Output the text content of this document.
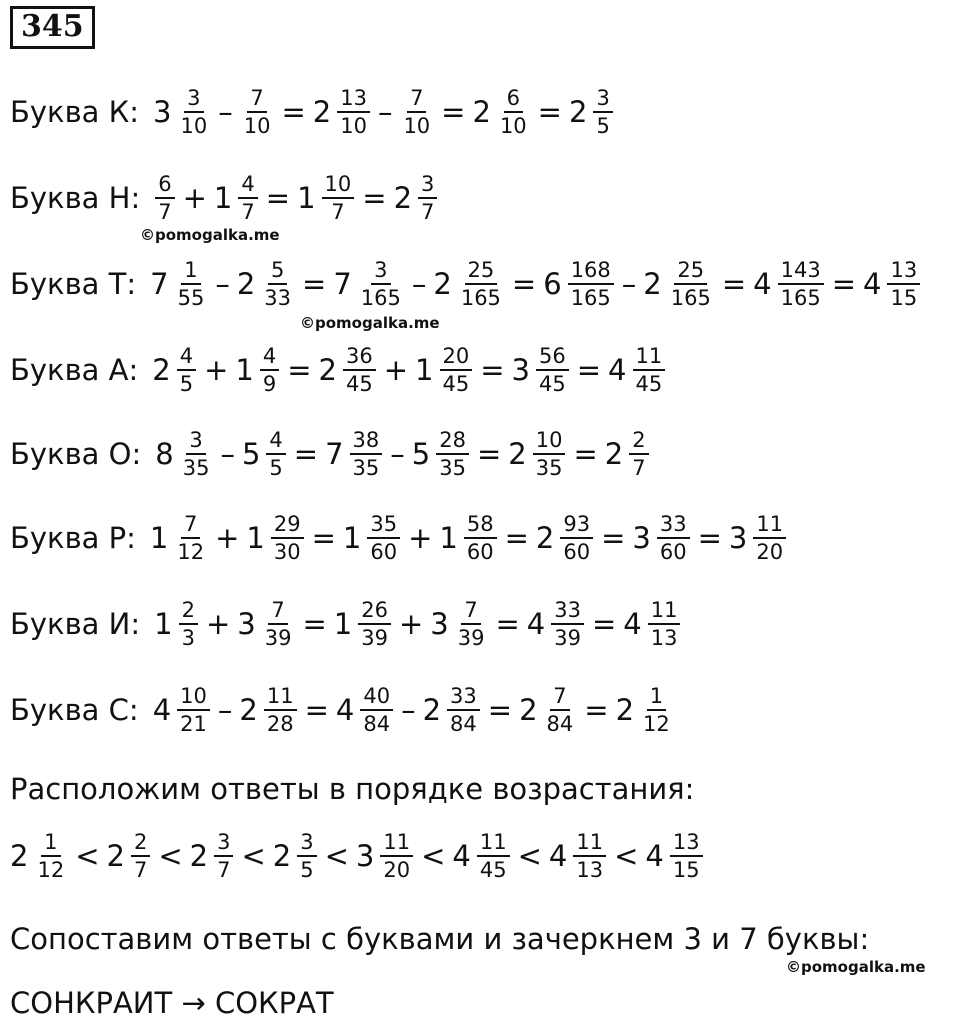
345
Буква К: $3 \frac{3}{10} - \frac{7}{10} = 2 \frac{13}{10} - \frac{7}{10} = 2 \frac{6}{10} = 2 \frac{3}{5}$
Буква Н: $\frac{6}{7} + 1 \frac{4}{7} = 1 \frac{10}{7} = 2 \frac{3}{7}$
©pomogalka.me
Буква Т: $7 \frac{1}{55} - 2 \frac{5}{33} = 7 \frac{3}{165} - 2 \frac{25}{165} = 6 \frac{168}{165} - 2 \frac{25}{165} = 4 \frac{143}{165} = 4 \frac{13}{15}$
©pomogalka.me
Буква А: $2 \frac{4}{5} + 1 \frac{4}{9} = 2 \frac{36}{45} + 1 \frac{20}{45} = 3 \frac{56}{45} = 4 \frac{11}{45}$
Буква О: $8 \frac{3}{35} - 5 \frac{4}{5} = 7 \frac{38}{35} - 5 \frac{28}{35} = 2 \frac{10}{35} = 2 \frac{2}{7}$
Буква Р: $1 \frac{7}{12} + 1 \frac{29}{30} = 1 \frac{35}{60} + 1 \frac{58}{60} = 2 \frac{93}{60} = 3 \frac{33}{60} = 3 \frac{11}{20}$
Буква И: $1 \frac{2}{3} + 3 \frac{7}{39} = 1 \frac{26}{39} + 3 \frac{7}{39} = 4 \frac{33}{39} = 4 \frac{11}{13}$
Буква С: $4 \frac{10}{21} - 2 \frac{11}{28} = 4 \frac{40}{84} - 2 \frac{33}{84} = 2 \frac{7}{84} = 2 \frac{1}{12}$
Расположим ответы в порядке возрастания:
$2 \frac{1}{12} < 2 \frac{2}{7} < 2 \frac{3}{7} < 2 \frac{3}{5} < 3 \frac{11}{20} < 4 \frac{11}{45} < 4 \frac{11}{13} < 4 \frac{13}{15}$
Сопоставим ответы с буквами и зачеркнем 3 и 7 буквы:
©pomogalka.me
СОНКРАИТ → СОКРАТ
